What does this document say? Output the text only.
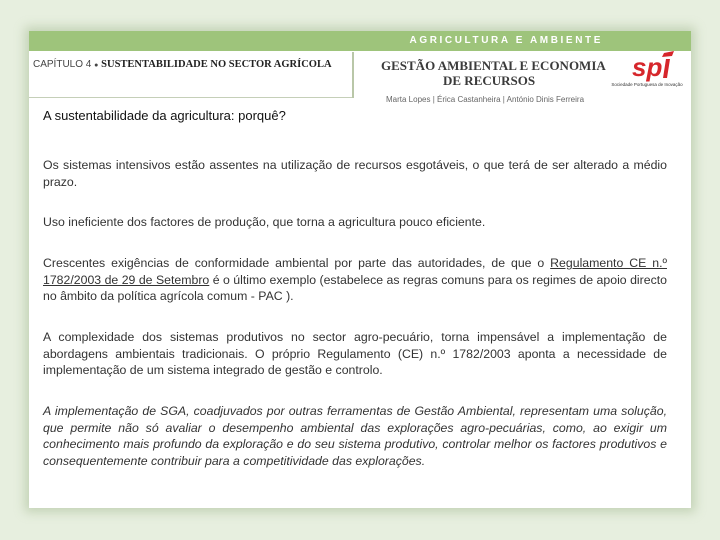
AGRICULTURA E AMBIENTE
CAPÍTULO 4 ● SUSTENTABILIDADE NO SECTOR AGRÍCOLA	GESTÃO AMBIENTAL E ECONOMIA
DE RECURSOS	sp
Sociedade Portuguesa de Inovação
Marta Lopes | Érica Castanheira | António Dinis Ferreira
A sustentabilidade da agricultura: porquê?

Os sistemas intensivos estão assentes na utilização de recursos esgotáveis, o que terá de ser alterado a médio prazo.

Uso ineficiente dos factores de produção, que torna a agricultura pouco eficiente.

Crescentes exigências de conformidade ambiental por parte das autoridades, de que o Regulamento CE n.º 1782/2003 de 29 de Setembro é o último exemplo (estabelece as regras comuns para os regimes de apoio directo no âmbito da política agrícola comum - PAC ).

A complexidade dos sistemas produtivos no sector agro-pecuário, torna impensável a implementação de abordagens ambientais tradicionais. O próprio Regulamento (CE) n.º 1782/2003 aponta a necessidade de implementação de um sistema integrado de gestão e controlo.

A implementação de SGA, coadjuvados por outras ferramentas de Gestão Ambiental, representam uma solução, que permite não só avaliar o desempenho ambiental das explorações agro-pecuárias, como, ao exigir um conhecimento mais profundo da exploração e do seu sistema produtivo, controlar melhor os factores produtivos e consequentemente contribuir para a competitividade das explorações.
